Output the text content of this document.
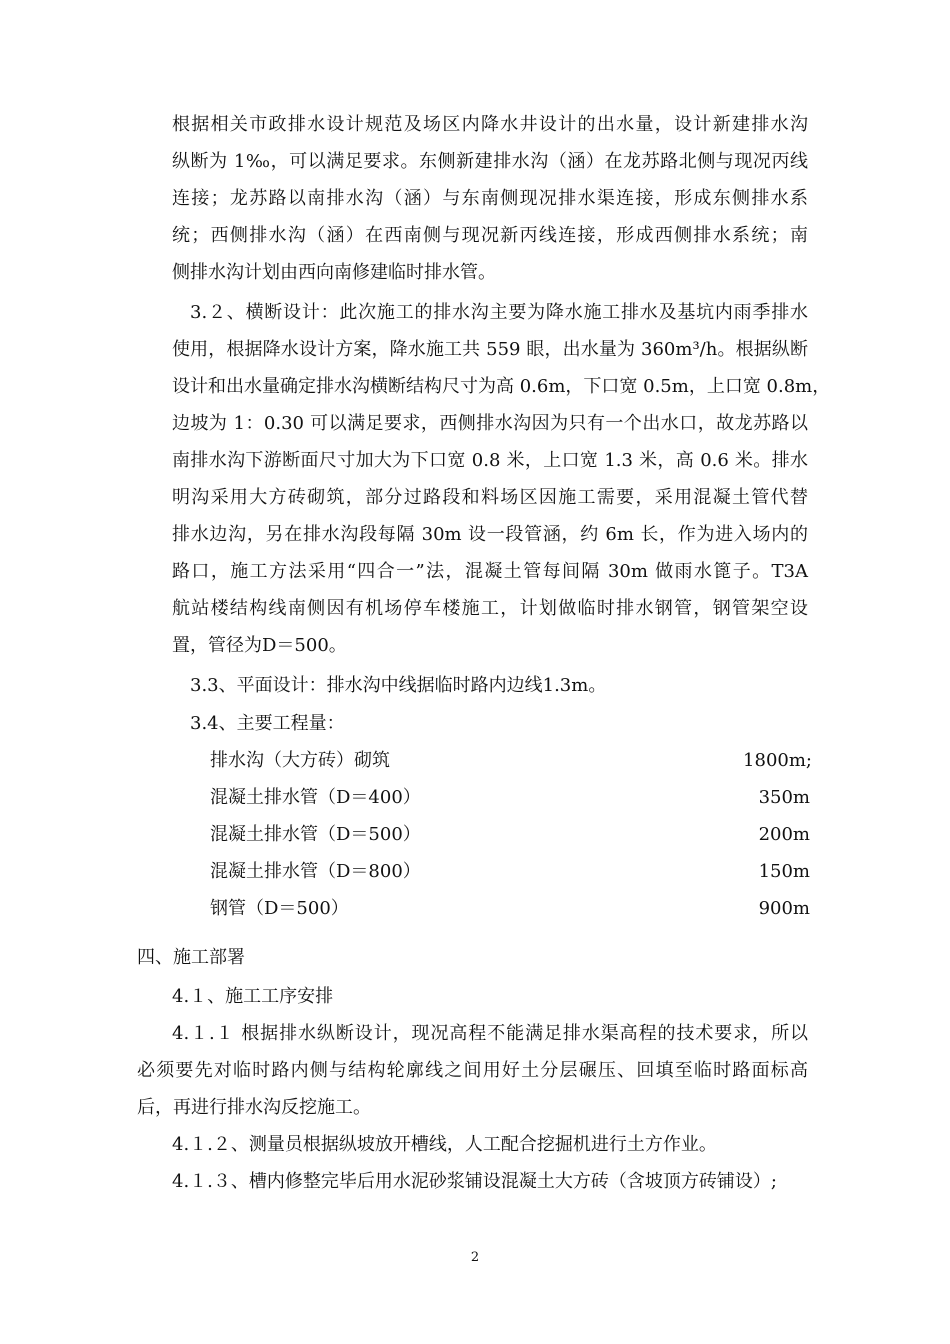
根据相关市政排水设计规范及场区内降水井设计的出水量，设计新建排水沟
纵断为 1‰，可以满足要求。东侧新建排水沟（涵）在龙苏路北侧与现况丙线
连接；龙苏路以南排水沟（涵）与东南侧现况排水渠连接，形成东侧排水系
统；西侧排水沟（涵）在西南侧与现况新丙线连接，形成西侧排水系统；南
侧排水沟计划由西向南修建临时排水管。
3.２、横断设计：此次施工的排水沟主要为降水施工排水及基坑内雨季排水
使用，根据降水设计方案，降水施工共 559 眼，出水量为 360m³/h。根据纵断
设计和出水量确定排水沟横断结构尺寸为高 0.6m，下口宽 0.5m，上口宽 0.8m，
边坡为 1：0.30 可以满足要求，西侧排水沟因为只有一个出水口，故龙苏路以
南排水沟下游断面尺寸加大为下口宽 0.8 米，上口宽 1.3 米，高 0.6 米。排水
明沟采用大方砖砌筑，部分过路段和料场区因施工需要，采用混凝土管代替
排水边沟，另在排水沟段每隔 30m 设一段管涵，约 6m 长，作为进入场内的
路口，施工方法采用“四合一”法，混凝土管每间隔 30m 做雨水篦子。T3A
航站楼结构线南侧因有机场停车楼施工，计划做临时排水钢管，钢管架空设
置，管径为D＝500。
3.3、平面设计：排水沟中线据临时路内边线1.3m。
3.4、主要工程量：
排水沟（大方砖）砌筑	1800m;
混凝土排水管（D＝400）	350m
混凝土排水管（D＝500）	200m
混凝土排水管（D＝800）	150m
钢管（D＝500）	900m
四、施工部署
4.１、施工工序安排
4.１.１ 根据排水纵断设计，现况高程不能满足排水渠高程的技术要求，所以
必须要先对临时路内侧与结构轮廓线之间用好土分层碾压、回填至临时路面标高
后，再进行排水沟反挖施工。
4.１.２、测量员根据纵坡放开槽线，人工配合挖掘机进行土方作业。
4.１.３、槽内修整完毕后用水泥砂浆铺设混凝土大方砖（含坡顶方砖铺设）;
2
